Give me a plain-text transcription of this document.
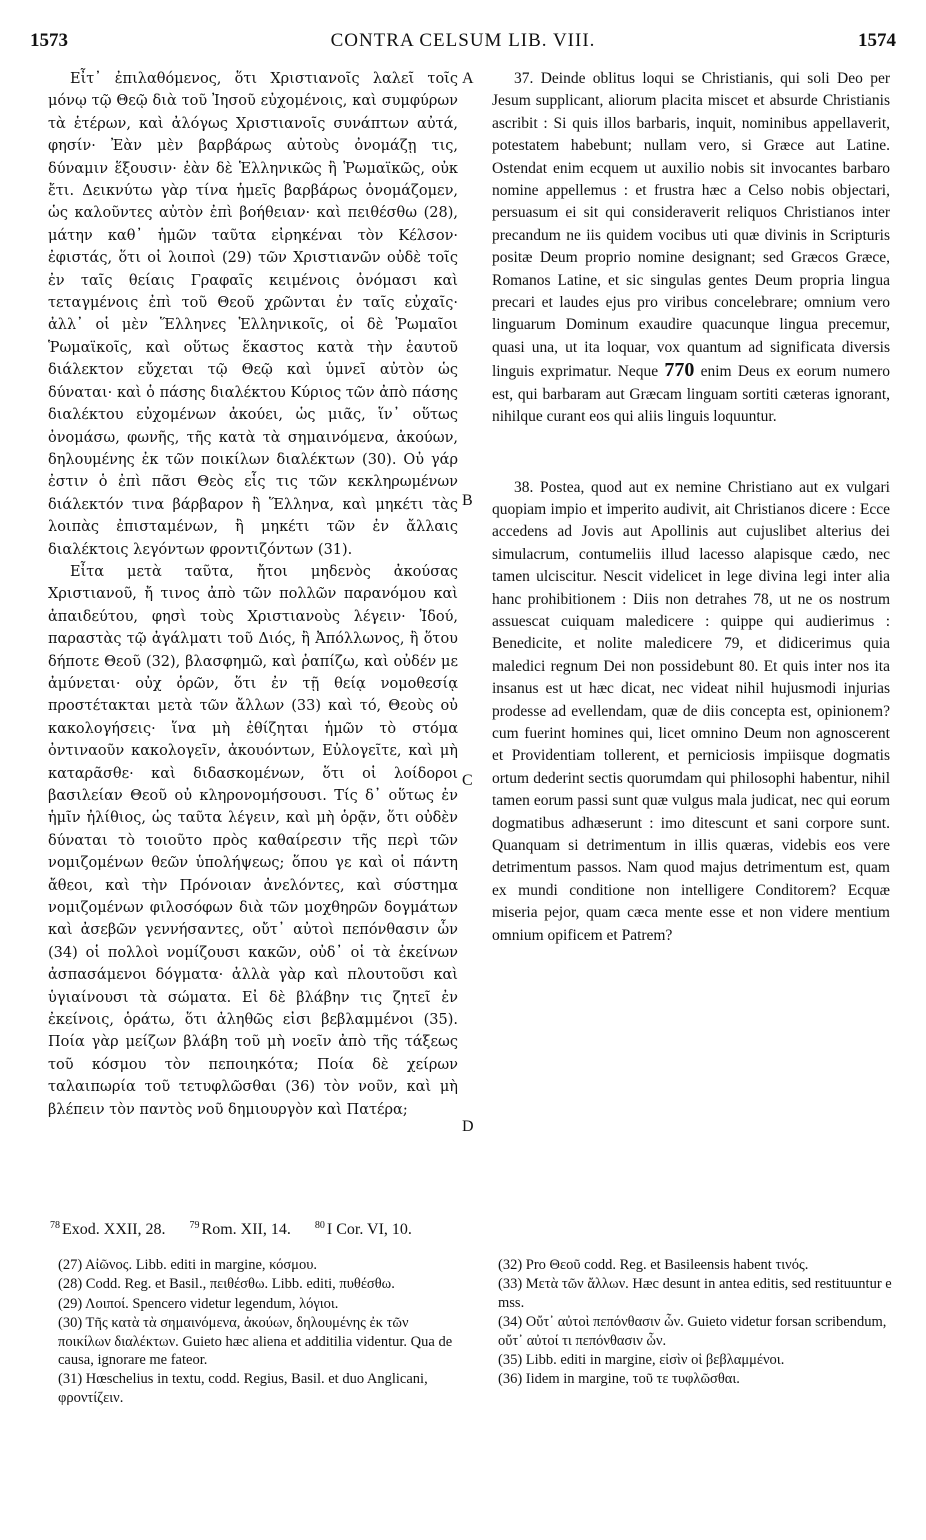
1573	CONTRA CELSUM LIB. VIII.	1574

Εἶτ᾽ ἐπιλαθόμενος, ὅτι Χριστιανοῖς λαλεῖ τοῖς μόνῳ τῷ Θεῷ διὰ τοῦ Ἰησοῦ εὐχομένοις, καὶ συμφύρων τὰ ἑτέρων, καὶ ἀλόγως Χριστιανοῖς συνάπτων αὐτά, φησίν· Ἐὰν μὲν βαρβάρως αὐτοὺς ὀνομάζῃ τις, δύναμιν ἕξουσιν· ἐὰν δὲ Ἑλληνικῶς ἢ Ῥωμαϊκῶς, οὐκ ἔτι. Δεικνύτω γὰρ τίνα ἡμεῖς βαρβάρως ὀνομάζομεν, ὡς καλοῦντες αὐτὸν ἐπὶ βοήθειαν· καὶ πειθέσθω (28), μάτην καθ᾽ ἡμῶν ταῦτα εἰρηκέναι τὸν Κέλσον· ἐφιστάς, ὅτι οἱ λοιποὶ (29) τῶν Χριστιανῶν οὐδὲ τοῖς ἐν ταῖς θείαις Γραφαῖς κειμένοις ὀνόμασι καὶ τεταγμένοις ἐπὶ τοῦ Θεοῦ χρῶνται ἐν ταῖς εὐχαῖς· ἀλλ᾽ οἱ μὲν Ἕλληνες Ἑλληνικοῖς, οἱ δὲ Ῥωμαῖοι Ῥωμαϊκοῖς, καὶ οὕτως ἕκαστος κατὰ τὴν ἑαυτοῦ διάλεκτον εὔχεται τῷ Θεῷ καὶ ὑμνεῖ αὐτὸν ὡς δύναται· καὶ ὁ πάσης διαλέκτου Κύριος τῶν ἀπὸ πάσης διαλέκτου εὐχομένων ἀκούει, ὡς μιᾶς, ἵν᾽ οὕτως ὀνομάσω, φωνῆς, τῆς κατὰ τὰ σημαινόμενα, ἀκούων, δηλουμένης ἐκ τῶν ποικίλων διαλέκτων (30). Οὐ γάρ ἐστιν ὁ ἐπὶ πᾶσι Θεὸς εἷς τις τῶν κεκληρωμένων διάλεκτόν τινα βάρβαρον ἢ Ἕλληνα, καὶ μηκέτι τὰς λοιπὰς ἐπισταμένων, ἢ μηκέτι τῶν ἐν ἄλλαις διαλέκτοις λεγόντων φροντιζόντων (31).

Εἶτα μετὰ ταῦτα, ἤτοι μηδενὸς ἀκούσας Χριστιανοῦ, ἤ τινος ἀπὸ τῶν πολλῶν παρανόμου καὶ ἀπαιδεύτου, φησὶ τοὺς Χριστιανοὺς λέγειν· Ἰδού, παραστὰς τῷ ἀγάλματι τοῦ Διός, ἢ Ἀπόλλωνος, ἢ ὅτου δήποτε Θεοῦ (32), βλασφημῶ, καὶ ῥαπίζω, καὶ οὐδέν με ἀμύνεται· οὐχ ὁρῶν, ὅτι ἐν τῇ θείᾳ νομοθεσίᾳ προστέτακται μετὰ τῶν ἄλλων (33) καὶ τό, Θεοὺς οὐ κακολογήσεις· ἵνα μὴ ἐθίζηται ἡμῶν τὸ στόμα ὀντιναοῦν κακολογεῖν, ἀκουόντων, Εὐλογεῖτε, καὶ μὴ καταρᾶσθε· καὶ διδασκομένων, ὅτι οἱ λοίδοροι βασιλείαν Θεοῦ οὐ κληρονομήσουσι. Τίς δ᾽ οὕτως ἐν ἡμῖν ἠλίθιος, ὡς ταῦτα λέγειν, καὶ μὴ ὁρᾷν, ὅτι οὐδὲν δύναται τὸ τοιοῦτο πρὸς καθαίρεσιν τῆς περὶ τῶν νομιζομένων θεῶν ὑπολήψεως; ὅπου γε καὶ οἱ πάντη ἄθεοι, καὶ τὴν Πρόνοιαν ἀνελόντες, καὶ σύστημα νομιζομένων φιλοσόφων διὰ τῶν μοχθηρῶν δογμάτων καὶ ἀσεβῶν γεννήσαντες, οὔτ᾽ αὐτοὶ πεπόνθασιν ὧν (34) οἱ πολλοὶ νομίζουσι κακῶν, οὐδ᾽ οἱ τὰ ἐκείνων ἀσπασάμενοι δόγματα· ἀλλὰ γὰρ καὶ πλουτοῦσι καὶ ὑγιαίνουσι τὰ σώματα. Εἰ δὲ βλάβην τις ζητεῖ ἐν ἐκείνοις, ὁράτω, ὅτι ἀληθῶς εἰσι βεβλαμμένοι (35). Ποία γὰρ μείζων βλάβη τοῦ μὴ νοεῖν ἀπὸ τῆς τάξεως τοῦ κόσμου τὸν πεποιηκότα; Ποία δὲ χείρων ταλαιπωρία τοῦ τετυφλῶσθαι (36) τὸν νοῦν, καὶ μὴ βλέπειν τὸν παντὸς νοῦ δημιουργὸν καὶ Πατέρα;

A
B
C
D

37. Deinde oblitus loqui se Christianis, qui soli Deo per Jesum supplicant, aliorum placita miscet et absurde Christianis ascribit : Si quis illos barbaris, inquit, nominibus appellaverit, potestatem habebunt; nullam vero, si Græce aut Latine. Ostendat enim ecquem ut auxilio nobis sit invocantes barbaro nomine appellemus : et frustra hæc a Celso nobis objectari, persuasum ei sit qui consideraverit reliquos Christianos inter precandum ne iis quidem vocibus uti quæ divinis in Scripturis positæ Deum proprio nomine designant; sed Græcos Græce, Romanos Latine, et sic singulas gentes Deum propria lingua precari et laudes ejus pro viribus concelebrare; omnium vero linguarum Dominum exaudire quacunque lingua precemur, quasi una, ut ita loquar, vox quantum ad significata diversis linguis exprimatur. Neque 770 enim Deus ex eorum numero est, qui barbaram aut Græcam linguam sortiti cæteras ignorant, nihilque curant eos qui aliis linguis loquuntur.

38. Postea, quod aut ex nemine Christiano aut ex vulgari quopiam impio et imperito audivit, ait Christianos dicere : Ecce accedens ad Jovis aut Apollinis aut cujuslibet alterius dei simulacrum, contumeliis illud lacesso alapisque cædo, nec tamen ulciscitur. Nescit videlicet in lege divina legi inter alia hanc prohibitionem : Diis non detrahes 78, ut ne os nostrum assuescat cuiquam maledicere : quippe qui audierimus : Benedicite, et nolite maledicere 79, et didicerimus quia maledici regnum Dei non possidebunt 80. Et quis inter nos ita insanus est ut hæc dicat, nec videat nihil hujusmodi injurias prodesse ad evellendam, quæ de diis concepta est, opinionem? cum fuerint homines qui, licet omnino Deum non agnoscerent et Providentiam tollerent, et perniciosis impiisque dogmatis ortum dederint sectis quorumdam qui philosophi habentur, nihil tamen eorum passi sunt quæ vulgus mala judicat, nec qui eorum dogmatibus adhæserunt : imo ditescunt et sani corpore sunt. Quanquam si detrimentum in illis quæras, videbis eos vere detrimentum passos. Nam quod majus detrimentum est, quam ex mundi conditione non intelligere Conditorem? Ecquæ miseria pejor, quam cæca mente esse et non videre mentium omnium opificem et Patrem?

$^{78}$ Exod. XXII, 28. $^{79}$ Rom. XII, 14. $^{80}$ I Cor. VI, 10.
(27) Αἰῶνος. Libb. editi in margine, κόσμου.
(28) Codd. Reg. et Basil., πειθέσθω. Libb. editi, πυθέσθω.
(29) Λοιποί. Spencero videtur legendum, λόγιοι.
(30) Τῆς κατὰ τὰ σημαινόμενα, ἀκούων, δηλουμένης ἐκ τῶν ποικίλων διαλέκτων. Guieto hæc aliena et additilia videntur. Qua de causa, ignorare me fateor.
(31) Hœschelius in textu, codd. Regius, Basil. et duo Anglicani, φροντίζειν.
(32) Pro Θεοῦ codd. Reg. et Basileensis habent τινός.
(33) Μετὰ τῶν ἄλλων. Hæc desunt in antea editis, sed restituuntur e mss.
(34) Οὔτ᾽ αὐτοὶ πεπόνθασιν ὧν. Guieto videtur forsan scribendum, οὔτ᾽ αὐτοί τι πεπόνθασιν ὧν.
(35) Libb. editi in margine, εἰσὶν οἱ βεβλαμμένοι.
(36) Iidem in margine, τοῦ τε τυφλῶσθαι.
